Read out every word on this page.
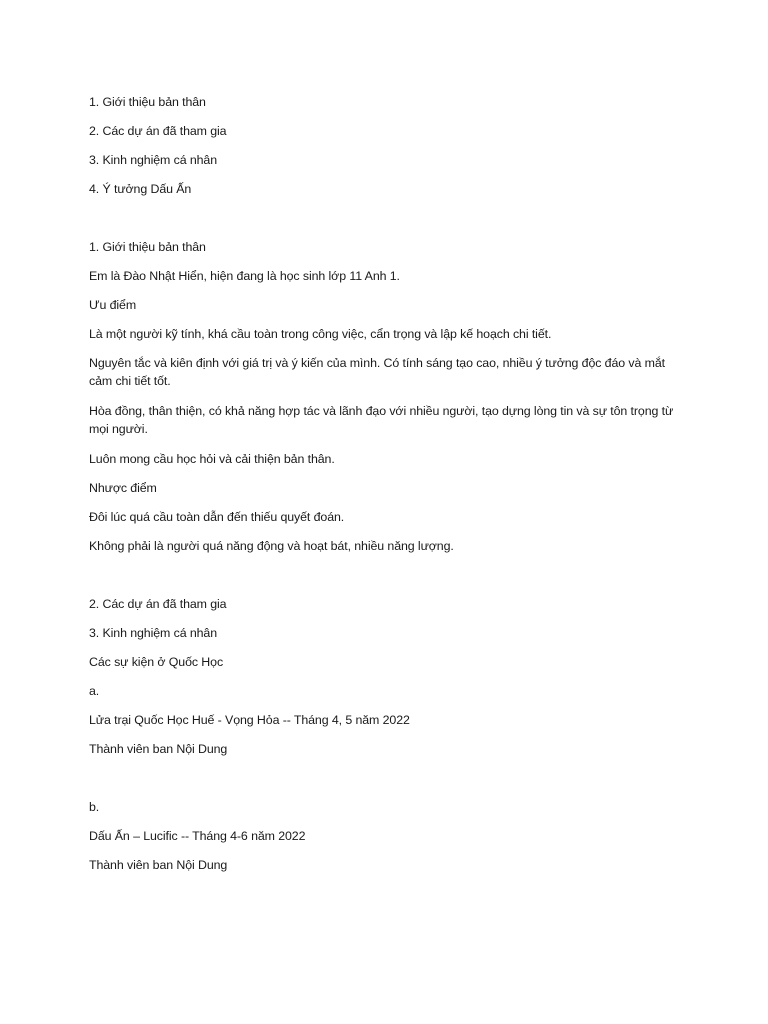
1. Giới thiệu bản thân
2. Các dự án đã tham gia
3. Kinh nghiệm cá nhân
4. Ý tưởng Dấu Ấn
1. Giới thiệu bản thân
Em là Đào Nhật Hiển, hiện đang là học sinh lớp 11 Anh 1.
Ưu điểm
Là một người kỹ tính, khá cầu toàn trong công việc, cẩn trọng và lập kế hoạch chi tiết.
Nguyên tắc và kiên định với giá trị và ý kiến của mình. Có tính sáng tạo cao, nhiều ý tưởng độc đáo và mắt cảm chi tiết tốt.
Hòa đồng, thân thiện, có khả năng hợp tác và lãnh đạo với nhiều người, tạo dựng lòng tin và sự tôn trọng từ mọi người.
Luôn mong cầu học hỏi và cải thiện bản thân.
Nhược điểm
Đôi lúc quá cầu toàn dẫn đến thiếu quyết đoán.
Không phải là người quá năng động và hoạt bát, nhiều năng lượng.
2. Các dự án đã tham gia
3. Kinh nghiệm cá nhân
Các sự kiện ở Quốc Học
a.
Lửa trại Quốc Học Huế - Vọng Hỏa -- Tháng 4, 5 năm 2022
Thành viên ban Nội Dung
b.
Dấu Ấn – Lucific -- Tháng 4-6 năm 2022
Thành viên ban Nội Dung
